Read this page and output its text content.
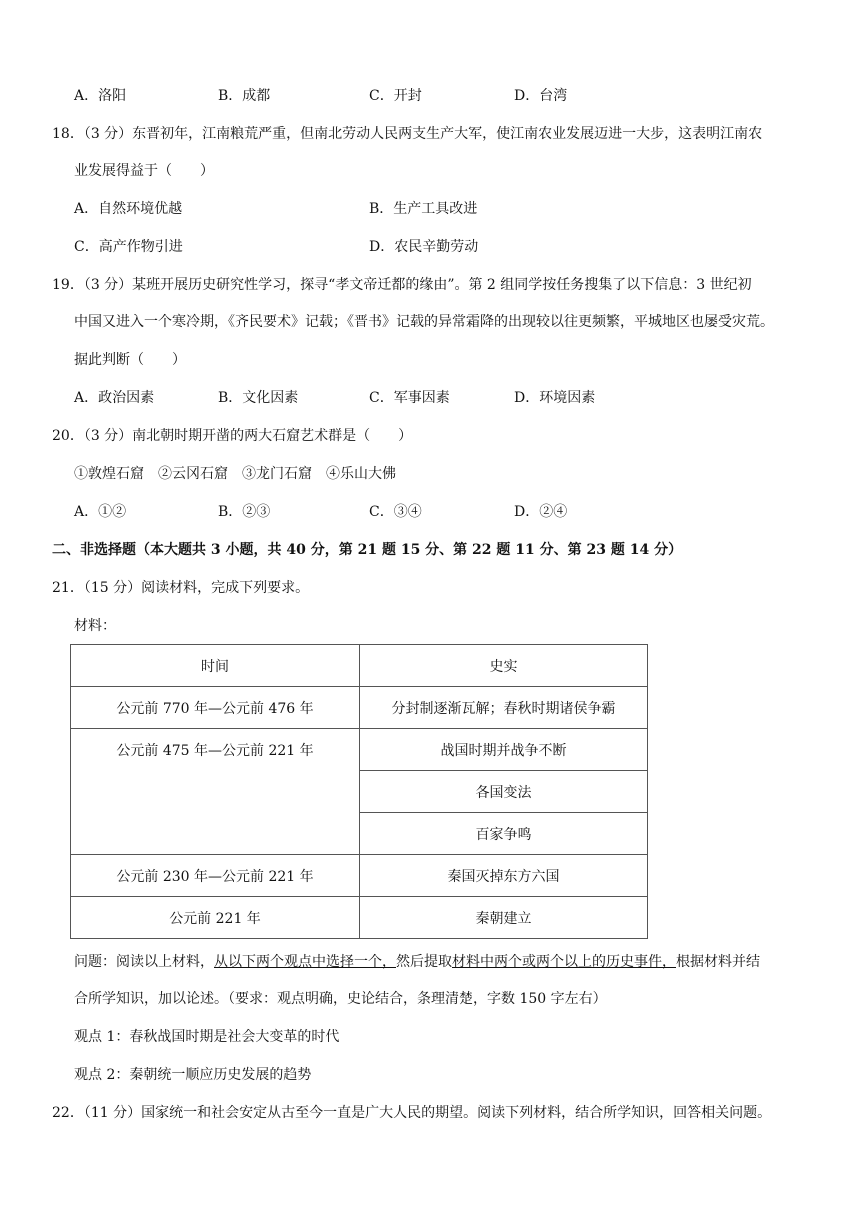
A．洛阳	B．成都	C．开封	D．台湾
18．（3 分）东晋初年，江南粮荒严重，但南北劳动人民两支生产大军，使江南农业发展迈进一大步，这表明江南农
业发展得益于（　　）
A．自然环境优越	B．生产工具改进
C．高产作物引进	D．农民辛勤劳动
19．（3 分）某班开展历史研究性学习，探寻“孝文帝迁都的缘由”。第 2 组同学按任务搜集了以下信息：3 世纪初
中国又进入一个寒冷期，《齐民要术》记载；《晋书》记载的异常霜降的出现较以往更频繁，平城地区也屡受灾荒。
据此判断（　　）
A．政治因素	B．文化因素	C．军事因素	D．环境因素
20．（3 分）南北朝时期开凿的两大石窟艺术群是（　　）
①敦煌石窟　②云冈石窟　③龙门石窟　④乐山大佛
A．①②	B．②③	C．③④	D．②④
二、非选择题（本大题共 3 小题，共 40 分，第 21 题 15 分、第 22 题 11 分、第 23 题 14 分）
21．（15 分）阅读材料，完成下列要求。
材料：
时间	史实
公元前 770 年—公元前 476 年	分封制逐渐瓦解；春秋时期诸侯争霸
公元前 475 年—公元前 221 年	战国时期并战争不断
	各国变法
	百家争鸣
公元前 230 年—公元前 221 年	秦国灭掉东方六国
公元前 221 年	秦朝建立
问题：阅读以上材料，从以下两个观点中选择一个，然后提取材料中两个或两个以上的历史事件，根据材料并结
合所学知识，加以论述。（要求：观点明确，史论结合，条理清楚，字数 150 字左右）
观点 1：春秋战国时期是社会大变革的时代
观点 2：秦朝统一顺应历史发展的趋势
22．（11 分）国家统一和社会安定从古至今一直是广大人民的期望。阅读下列材料，结合所学知识，回答相关问题。
